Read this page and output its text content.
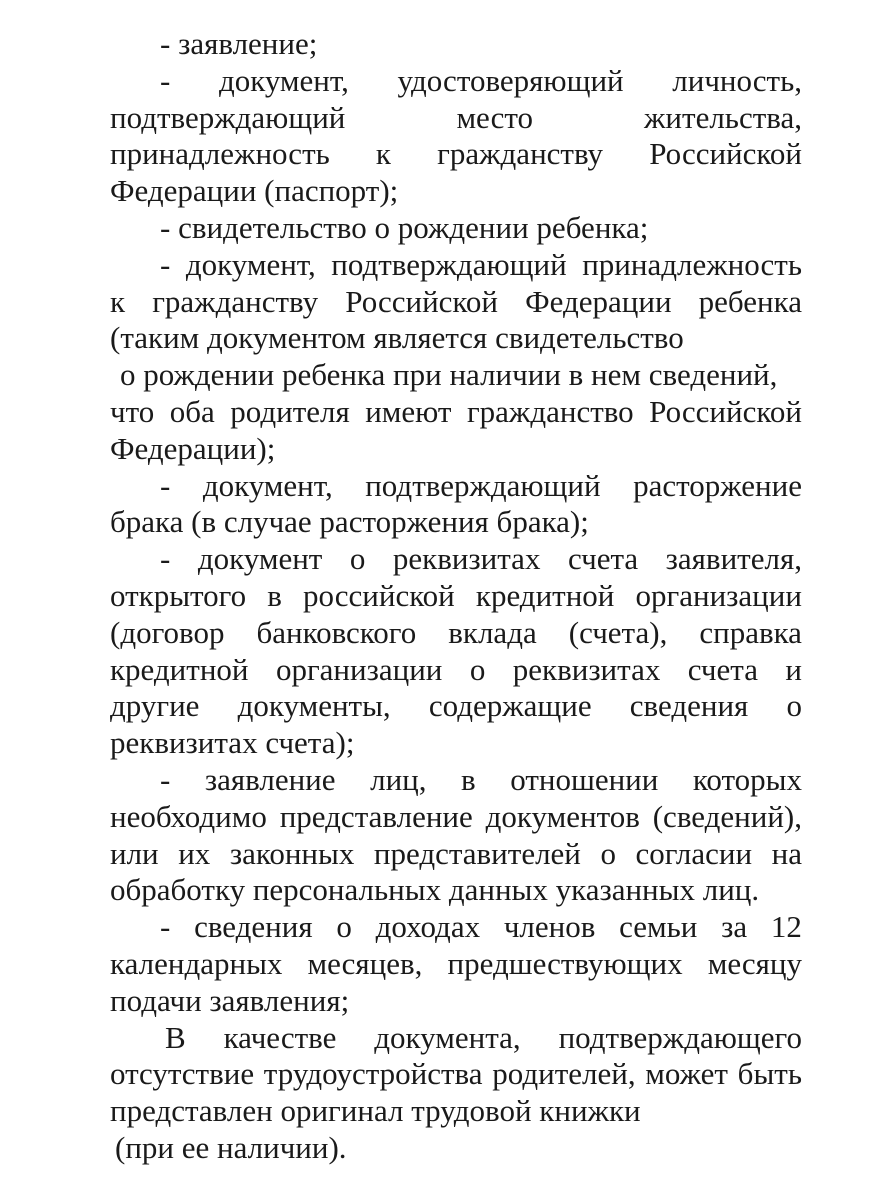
- заявление;
- документ, удостоверяющий личность,
подтверждающий	место	жительства,
принадлежность к гражданству Российской
Федерации (паспорт);
- свидетельство о рождении ребенка;
- документ, подтверждающий принадлежность
к гражданству Российской Федерации ребенка
(таким документом является свидетельство
о рождении ребенка при наличии в нем сведений,
что оба родителя имеют гражданство Российской
Федерации);
- документ, подтверждающий расторжение
брака (в случае расторжения брака);
- документ о реквизитах счета заявителя,
открытого в российской кредитной организации
(договор банковского вклада (счета), справка
кредитной организации о реквизитах счета и
другие документы, содержащие сведения о
реквизитах счета);
- заявление лиц, в отношении которых
необходимо представление документов (сведений),
или их законных представителей о согласии на
обработку персональных данных указанных лиц.
- сведения о доходах членов семьи за 12
календарных месяцев, предшествующих месяцу
подачи заявления;
В качестве документа, подтверждающего
отсутствие трудоустройства родителей, может быть
представлен оригинал трудовой книжки
(при ее наличии).
